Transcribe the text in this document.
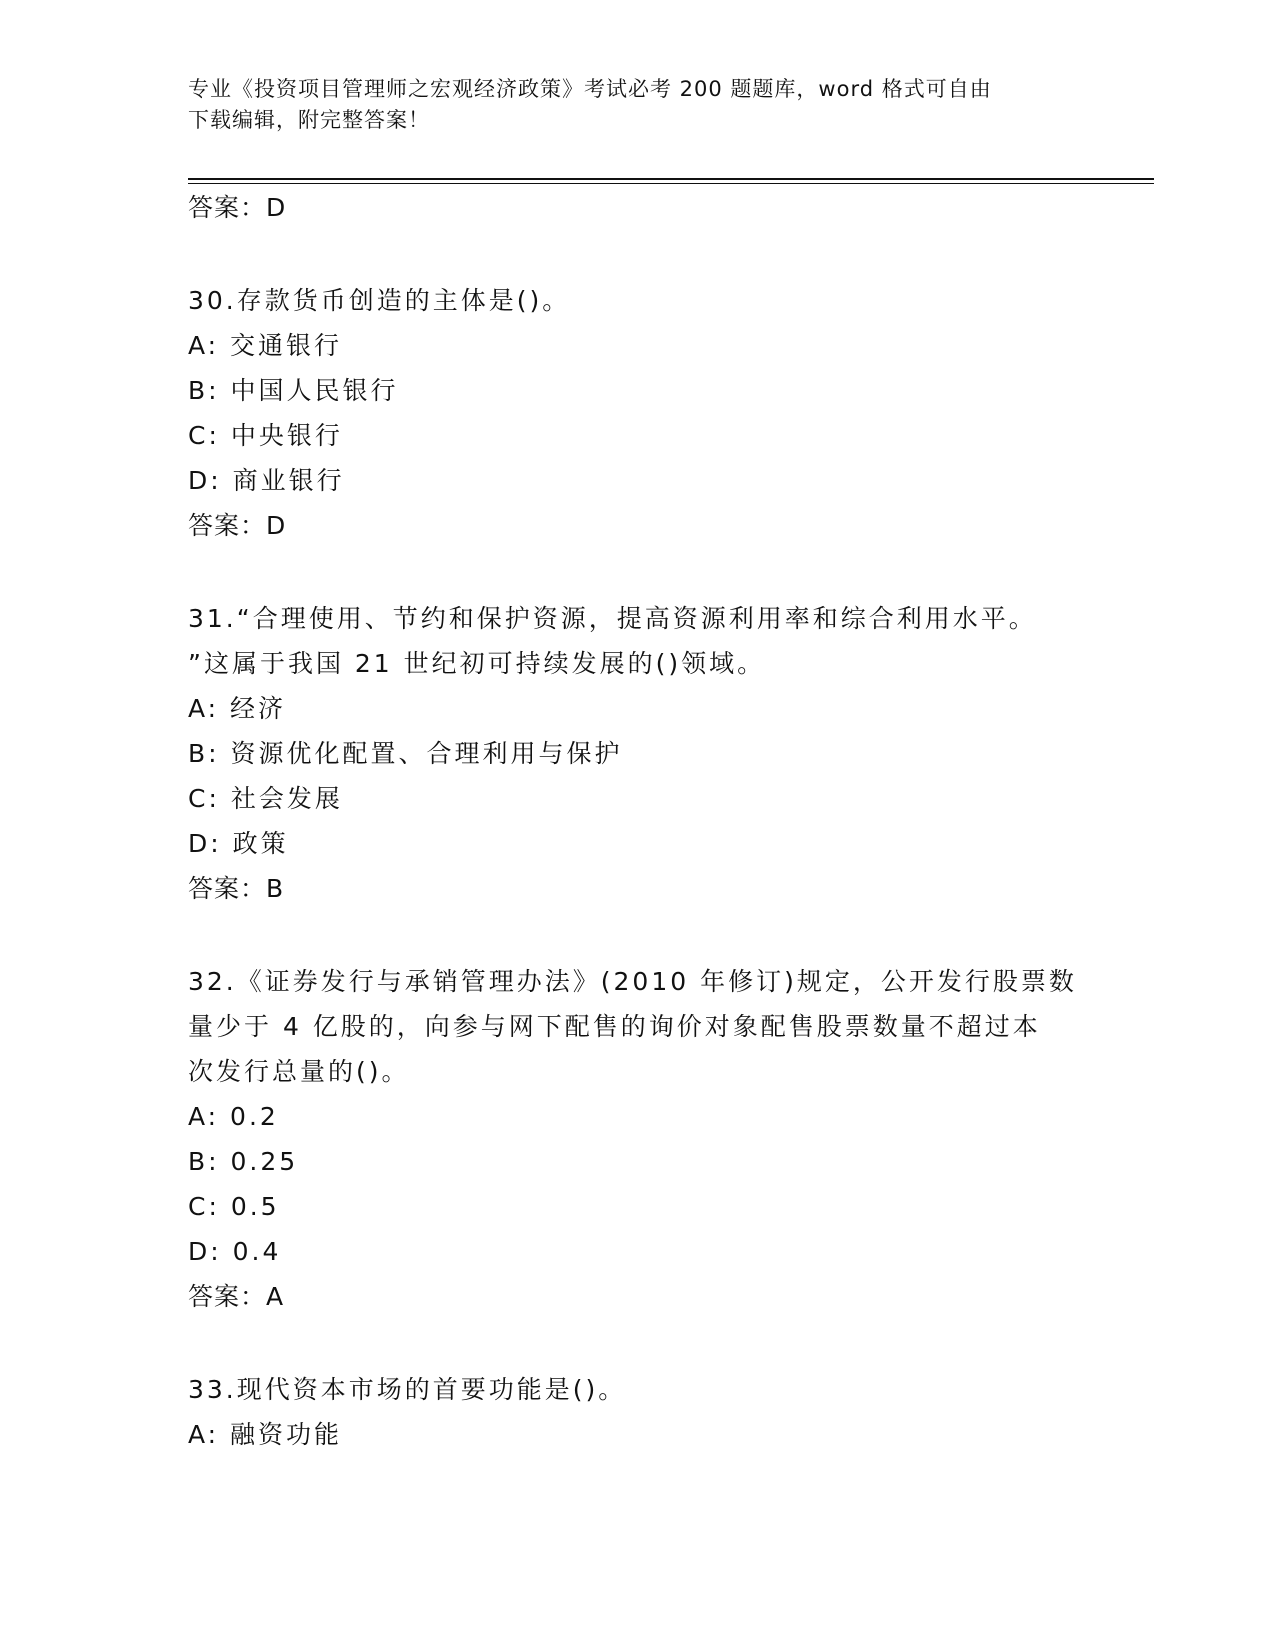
专业《投资项目管理师之宏观经济政策》考试必考 200 题题库，word 格式可自由
下载编辑，附完整答案！
答案：D
30.存款货币创造的主体是()。
A: 交通银行
B: 中国人民银行
C: 中央银行
D: 商业银行
答案：D
31.“合理使用、节约和保护资源，提高资源利用率和综合利用水平。
”这属于我国 21 世纪初可持续发展的()领域。
A: 经济
B: 资源优化配置、合理利用与保护
C: 社会发展
D: 政策
答案：B
32.《证券发行与承销管理办法》(2010 年修订)规定，公开发行股票数
量少于 4 亿股的，向参与网下配售的询价对象配售股票数量不超过本
次发行总量的()。
A: 0.2
B: 0.25
C: 0.5
D: 0.4
答案：A
33.现代资本市场的首要功能是()。
A: 融资功能
